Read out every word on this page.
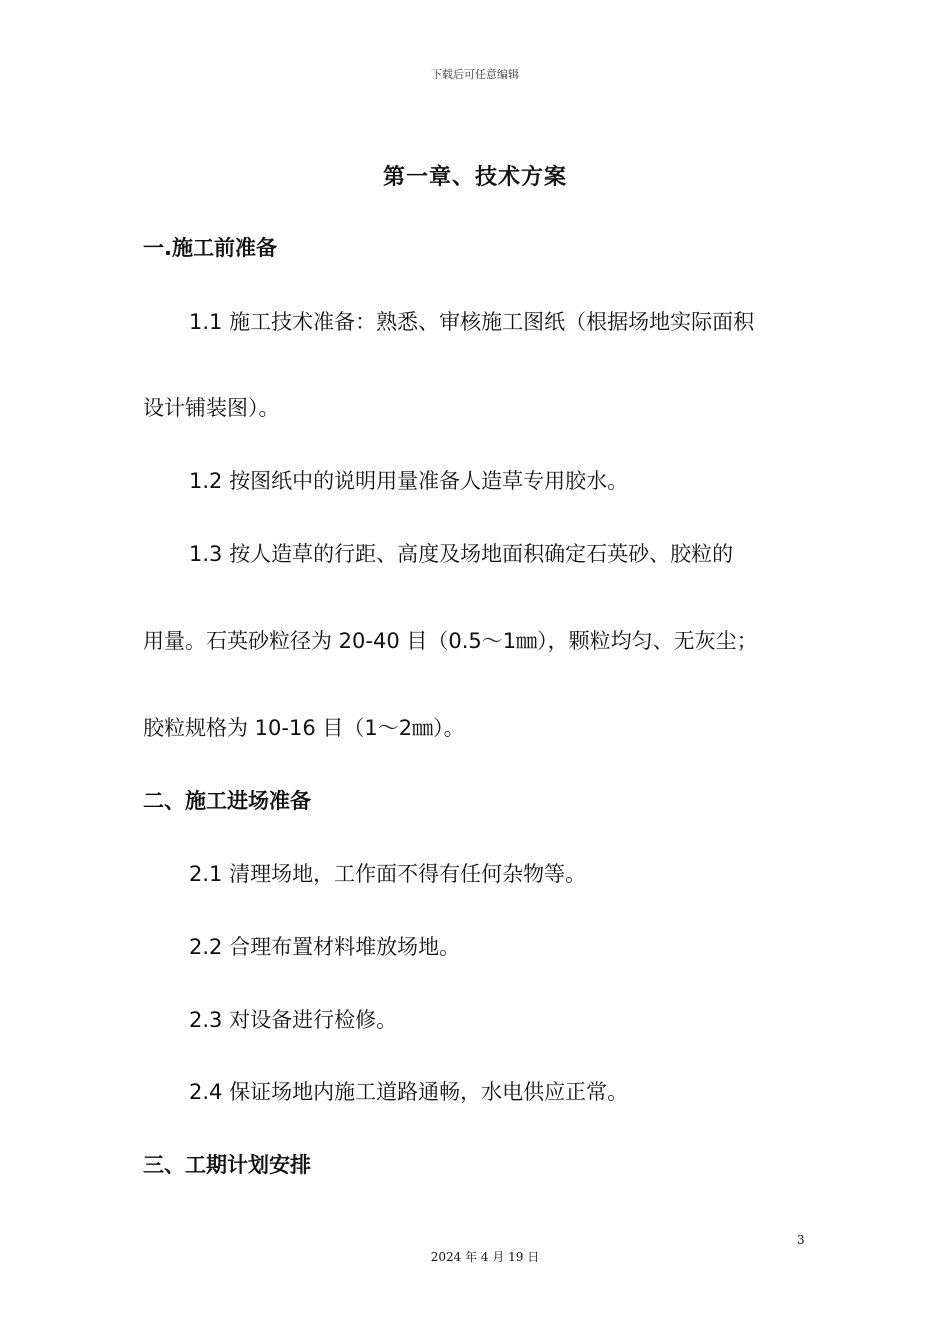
下载后可任意编辑
第一章、技术方案
一.施工前准备
1.1 施工技术准备：熟悉、审核施工图纸（根据场地实际面积
设计铺装图）。
1.2 按图纸中的说明用量准备人造草专用胶水。
1.3 按人造草的行距、高度及场地面积确定石英砂、胶粒的
用量。石英砂粒径为 20-40 目（0.5～1㎜），颗粒均匀、无灰尘；
胶粒规格为 10-16 目（1～2㎜）。
二、施工进场准备
2.1 清理场地，工作面不得有任何杂物等。
2.2 合理布置材料堆放场地。
2.3 对设备进行检修。
2.4 保证场地内施工道路通畅，水电供应正常。
三、工期计划安排
3
2024 年 4 月 19 日
